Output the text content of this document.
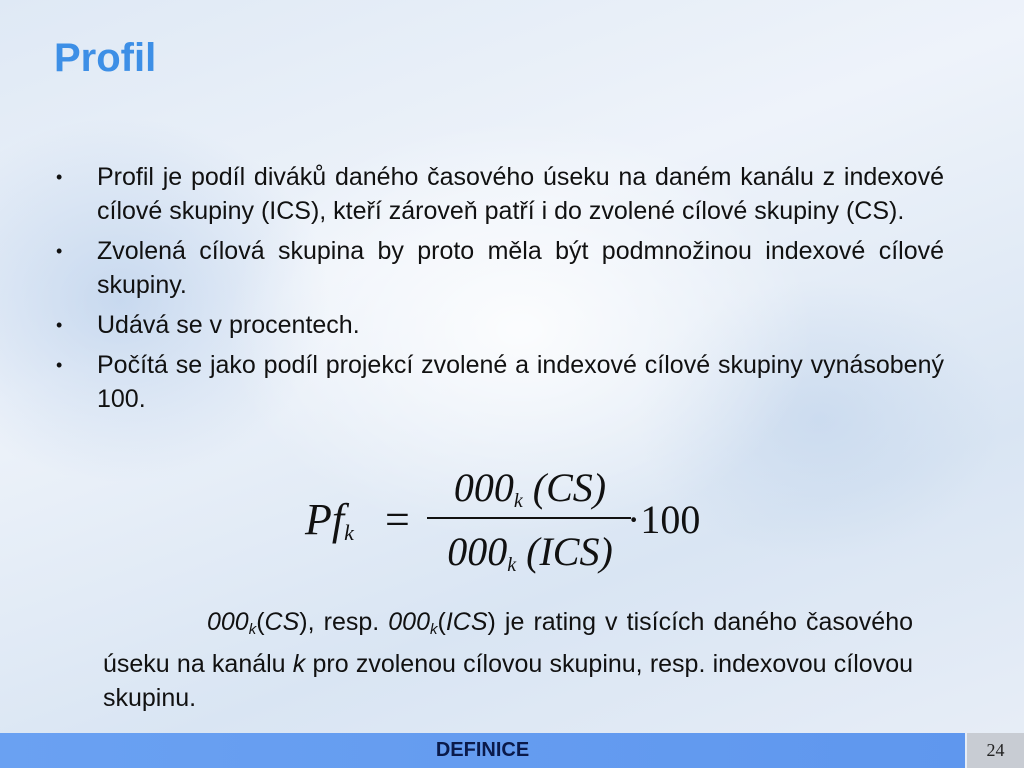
Profil
• Profil je podíl diváků daného časového úseku na daném kanálu z indexové cílové skupiny (ICS), kteří zároveň patří i do zvolené cílové skupiny (CS).
• Zvolená cílová skupina by proto měla být podmnožinou indexové cílové skupiny.
• Udává se v procentech.
• Počítá se jako podíl projekcí zvolené a indexové cílové skupiny vynásobený 100.
$Pf_k$ =
$000_k$ (CS)
$000_k$ (ICS)
·100
$000_k(CS)$, resp. $000_k(ICS)$ je rating v tisících daného časového úseku na kanálu k pro zvolenou cílovou skupinu, resp. indexovou cílovou skupinu.
DEFINICE	24
